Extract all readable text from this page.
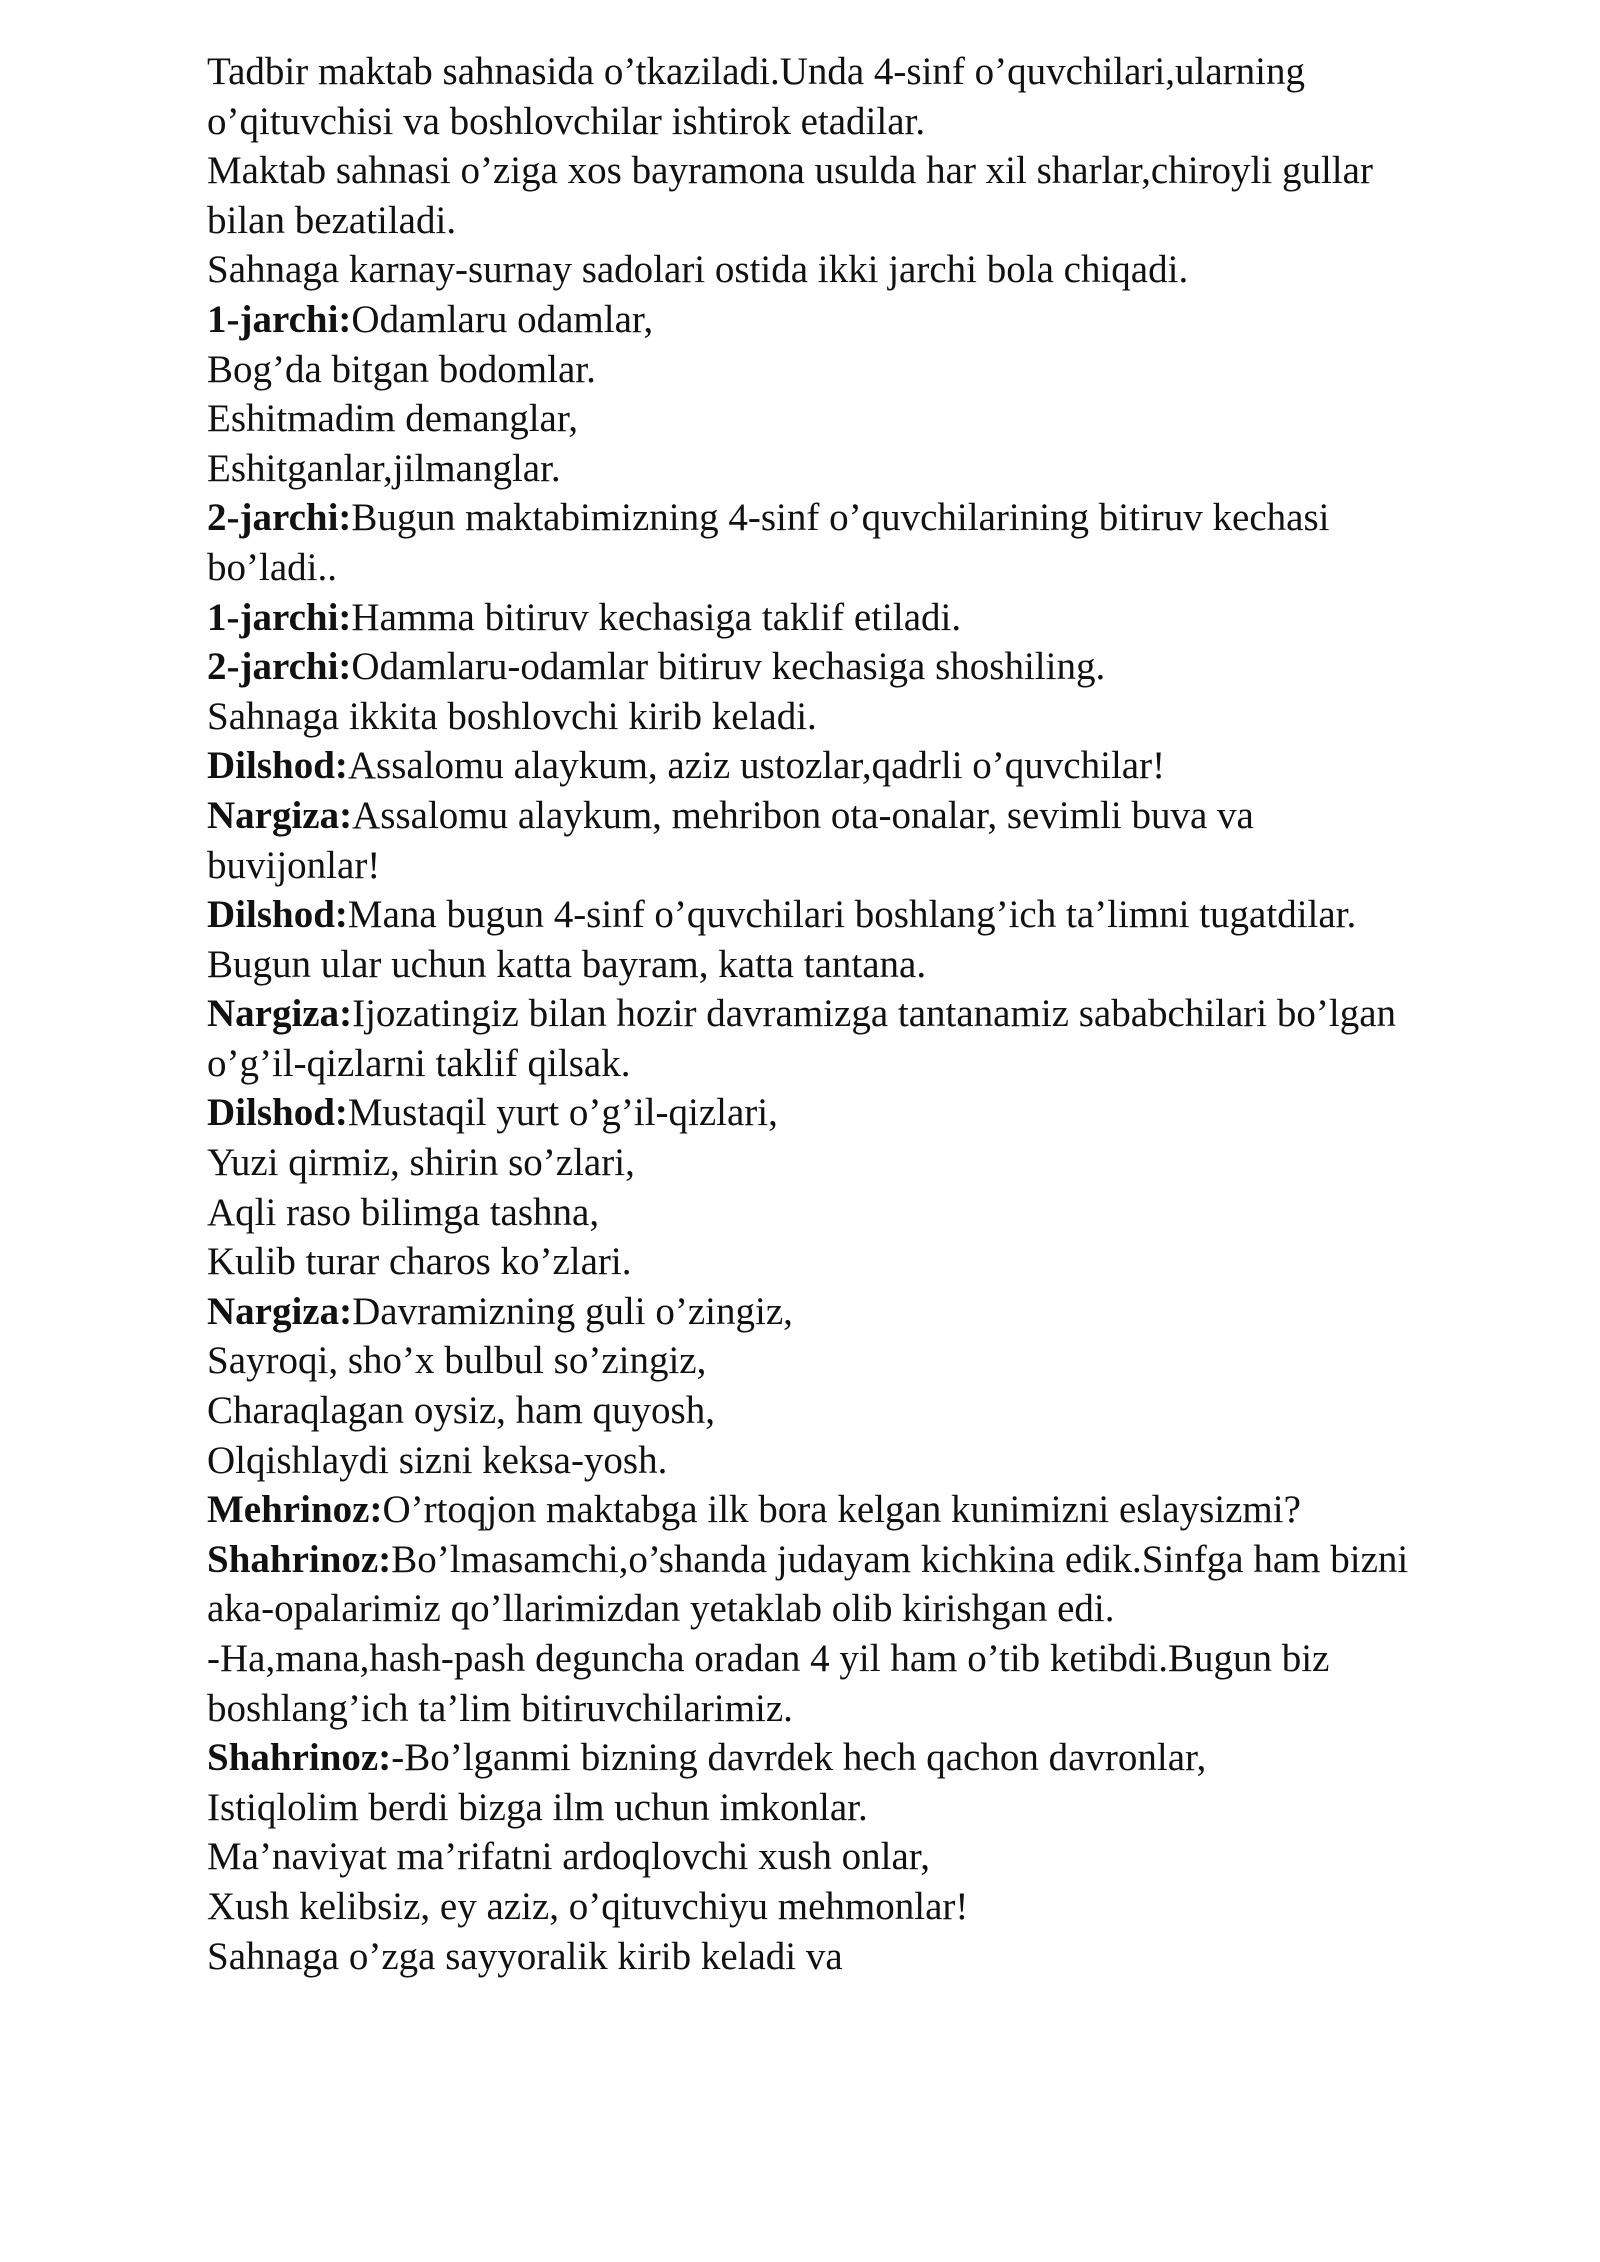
Tadbir maktab sahnasida o’tkaziladi.Unda 4-sinf o’quvchilari,ularning
o’qituvchisi va boshlovchilar ishtirok etadilar.
Maktab sahnasi o’ziga xos bayramona usulda har xil sharlar,chiroyli gullar
bilan bezatiladi.
Sahnaga karnay-surnay sadolari ostida ikki jarchi bola chiqadi.
1-jarchi:Odamlaru odamlar,
Bog’da bitgan bodomlar.
Eshitmadim demanglar,
Eshitganlar,jilmanglar.
2-jarchi:Bugun maktabimizning 4-sinf o’quvchilarining bitiruv kechasi
bo’ladi..
1-jarchi:Hamma bitiruv kechasiga taklif etiladi.
2-jarchi:Odamlaru-odamlar bitiruv kechasiga shoshiling.
Sahnaga ikkita boshlovchi kirib keladi.
Dilshod:Assalomu alaykum, aziz ustozlar,qadrli o’quvchilar!
Nargiza:Assalomu alaykum, mehribon ota-onalar, sevimli buva va
buvijonlar!
Dilshod:Mana bugun 4-sinf o’quvchilari boshlang’ich ta’limni tugatdilar.
Bugun ular uchun katta bayram, katta tantana.
Nargiza:Ijozatingiz bilan hozir davramizga tantanamiz sababchilari bo’lgan
o’g’il-qizlarni taklif qilsak.
Dilshod:Mustaqil yurt o’g’il-qizlari,
Yuzi qirmiz, shirin so’zlari,
Aqli raso bilimga tashna,
Kulib turar charos ko’zlari.
Nargiza:Davramizning guli o’zingiz,
Sayroqi, sho’x bulbul so’zingiz,
Charaqlagan oysiz, ham quyosh,
Olqishlaydi sizni keksa-yosh.
Mehrinoz:O’rtoqjon maktabga ilk bora kelgan kunimizni eslaysizmi?
Shahrinoz:Bo’lmasamchi,o’shanda judayam kichkina edik.Sinfga ham bizni
aka-opalarimiz qo’llarimizdan yetaklab olib kirishgan edi.
-Ha,mana,hash-pash deguncha oradan 4 yil ham o’tib ketibdi.Bugun biz
boshlang’ich ta’lim bitiruvchilarimiz.
Shahrinoz:-Bo’lganmi bizning davrdek hech qachon davronlar,
Istiqlolim berdi bizga ilm uchun imkonlar.
Ma’naviyat ma’rifatni ardoqlovchi xush onlar,
Xush kelibsiz, ey aziz, o’qituvchiyu mehmonlar!
Sahnaga o’zga sayyoralik kirib keladi va
